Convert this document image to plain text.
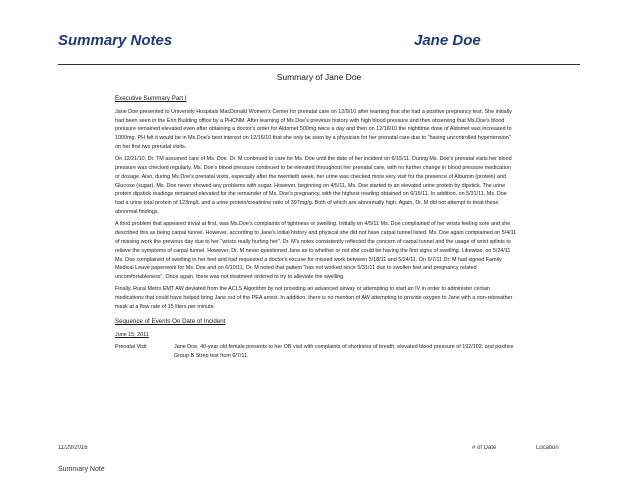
Summary Notes	Jane Doe
Summary of Jane Doe
Executive Summary Part I

Jane Doe presented to University Hospitals MacDonald Women's Center for prenatal care on 12/9/10 after learning that she had a positive pregnancy test. She initially had been seen in the Erin Building office by a PHCNM. After learning of Ms.Doe's previous history with high blood pressure and then observing that Ms.Doe's blood pressure remained elevated even after obtaining a doctor's order for Aldomet 500mg twice a day and then on 12/16/10 the nighttime dose of Aldomet was increased to 1000mg. PH felt it would be in Ms.Doe's best interest on 12/16/10 that she only be seen by a physician for her prenatal care due to "having uncontrolled hypertension" on her first two prenatal visits.

On 12/21/10, Dr. TM assumed care of Ms. Doe. Dr. M continued to care for Ms. Doe until the date of her incident on 6/15/11. During Ms. Doe's prenatal visits her blood pressure was checked regularly. Ms. Doe's blood pressure continued to be elevated throughout her prenatal care, with no further change in blood pressure medication or dosage. Also, during Ms.Doe's prenatal visits, especially after the twentieth week, her urine was checked more very visit for the presence of Albumin (protein) and Glucose (sugar). Ms. Doe never showed any problems with sugar. However, beginning on 4/5/11, Ms. Doe started to an elevated urine protein by dipstick. The urine protein dipstick readings remained elevated for the remainder of Ms. Doe's pregnancy, with the highest reading obtained on 6/15/11. In addition, on 5/31/11, Ms. Doe had a urine total protein of 123mg/L and a urine protein/creatinine ratio of 397mg/g. Both of which are abnormally high. Again, Dr. M did not attempt to treat these abnormal findings.

A third problem that appeared trivial at first, was Ms.Doe's complaints of tightness or swelling. Initially on 4/5/11 Ms. Doe complained of her wrists feeling sore and she described this as being carpal tunnel. However, according to Jane's initial history and physical she did not have carpal tunnel listed. Ms. Doe again complained on 5/4/11 of missing work the previous day due to her "wrists really hurting her". Dr. M's notes consistently reflected the concern of carpal tunnel and the usage of wrist splints to relieve the symptoms of carpal tunnel. However, Dr. M never questioned Jane as to whether or not she could be having the first signs of swelling. Likewise, on 5/24/11 Ms. Doe complained of swelling in her feet and had requested a doctor's excuse for missed work between 5/18/11 and 5/24/11. On 6/7/11 Dr. M had signed Family Medical Leave paperwork for Ms. Doe and on 6/10/11, Dr. M noted that patient "has not worked since 5/31/11 due to swollen feet and pregnancy related uncomfortableness". Once again, there was not treatment ordered to try to alleviate the swelling.

Finally, Rural Metro EMT AW deviated from the ACLS Algorithm by not providing an advanced airway or attempting to start an IV in order to administer certain medications that could have helped bring Jane out of the PEA arrest. In addition, there is no mention of AW attempting to provide oxygen to Jane with a non-rebreather mask at a flow rate of 15 liters per minute.

Sequence of Events On Date of Incident
June 15, 2011
Prenatal Visit	Jane Doe, 40-year old female presents to her OB visit with complaints of shortness of breath, elevated blood pressure of 192/102, and positive Group B Strep test from 6/7/11.
11/29/2016	# of Date	Location
Summary Note
